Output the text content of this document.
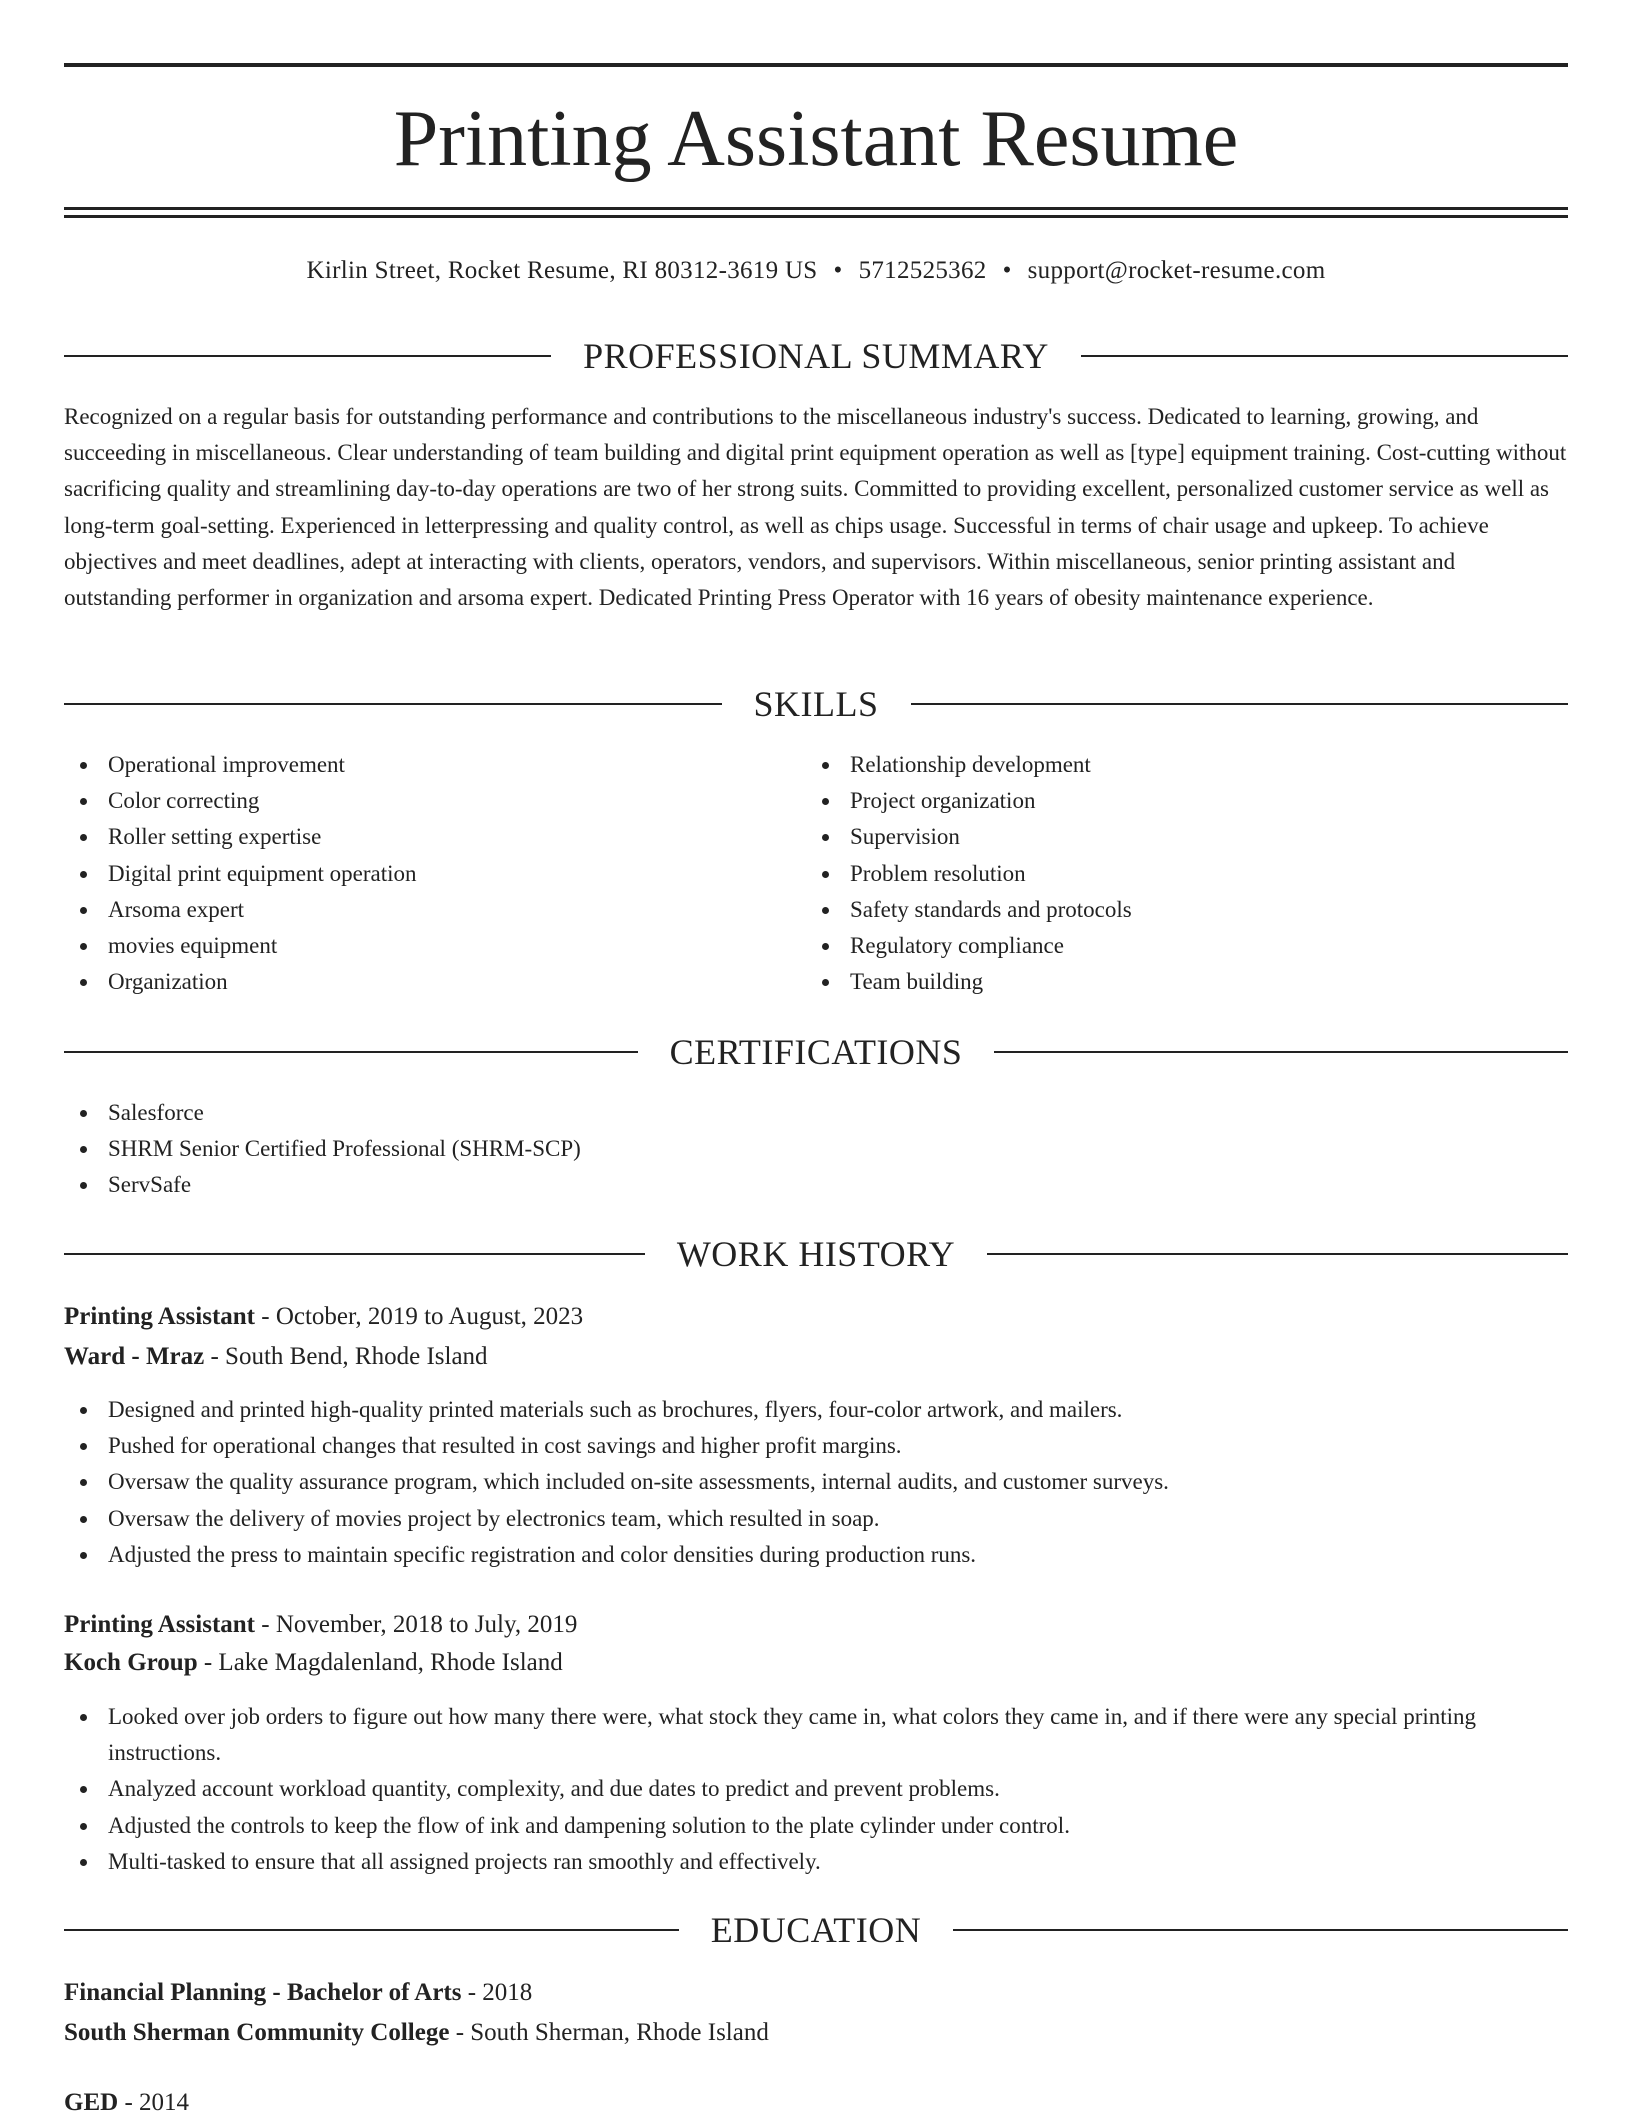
Printing Assistant Resume
Kirlin Street, Rocket Resume, RI 80312-3619 US • 5712525362 • support@rocket-resume.com
PROFESSIONAL SUMMARY

Recognized on a regular basis for outstanding performance and contributions to the miscellaneous industry's success. Dedicated to learning, growing, and succeeding in miscellaneous. Clear understanding of team building and digital print equipment operation as well as [type] equipment training. Cost-cutting without sacrificing quality and streamlining day-to-day operations are two of her strong suits. Committed to providing excellent, personalized customer service as well as long-term goal-setting. Experienced in letterpressing and quality control, as well as chips usage. Successful in terms of chair usage and upkeep. To achieve objectives and meet deadlines, adept at interacting with clients, operators, vendors, and supervisors. Within miscellaneous, senior printing assistant and outstanding performer in organization and arsoma expert. Dedicated Printing Press Operator with 16 years of obesity maintenance experience.

SKILLS
Operational improvement
Color correcting
Roller setting expertise
Digital print equipment operation
Arsoma expert
movies equipment
Organization
Relationship development
Project organization
Supervision
Problem resolution
Safety standards and protocols
Regulatory compliance
Team building
CERTIFICATIONS
Salesforce
SHRM Senior Certified Professional (SHRM-SCP)
ServSafe
WORK HISTORY
Printing Assistant - October, 2019 to August, 2023
Ward - Mraz - South Bend, Rhode Island
Designed and printed high-quality printed materials such as brochures, flyers, four-color artwork, and mailers.
Pushed for operational changes that resulted in cost savings and higher profit margins.
Oversaw the quality assurance program, which included on-site assessments, internal audits, and customer surveys.
Oversaw the delivery of movies project by electronics team, which resulted in soap.
Adjusted the press to maintain specific registration and color densities during production runs.
Printing Assistant - November, 2018 to July, 2019
Koch Group - Lake Magdalenland, Rhode Island
Looked over job orders to figure out how many there were, what stock they came in, what colors they came in, and if there were any special printing instructions.
Analyzed account workload quantity, complexity, and due dates to predict and prevent problems.
Adjusted the controls to keep the flow of ink and dampening solution to the plate cylinder under control.
Multi-tasked to ensure that all assigned projects ran smoothly and effectively.
EDUCATION
Financial Planning - Bachelor of Arts - 2018
South Sherman Community College - South Sherman, Rhode Island
GED - 2014
